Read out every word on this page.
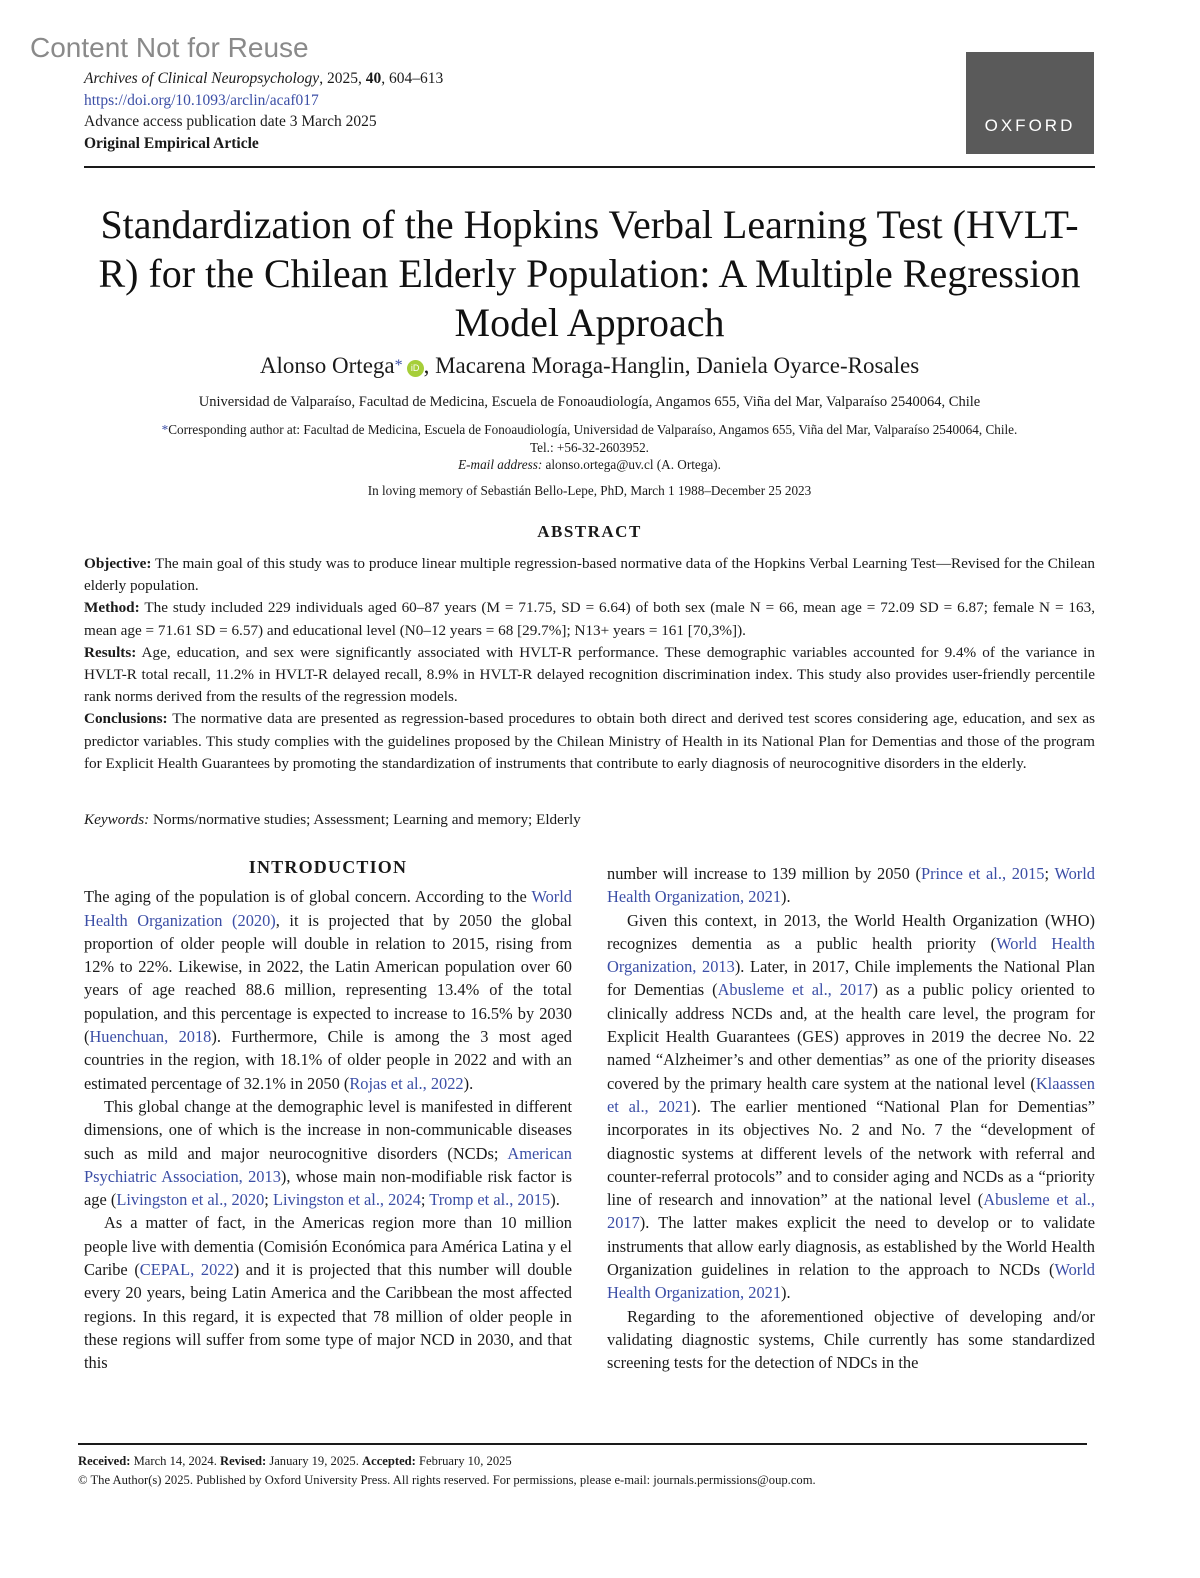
Content Not for Reuse
Archives of Clinical Neuropsychology, 2025, 40, 604–613
https://doi.org/10.1093/arclin/acaf017
Advance access publication date 3 March 2025
Original Empirical Article
OXFORD
Standardization of the Hopkins Verbal Learning Test (HVLT-R) for the Chilean Elderly Population: A Multiple Regression Model Approach
Alonso Ortega* iD , Macarena Moraga-Hanglin, Daniela Oyarce-Rosales
Universidad de Valparaíso, Facultad de Medicina, Escuela de Fonoaudiología, Angamos 655, Viña del Mar, Valparaíso 2540064, Chile
*Corresponding author at: Facultad de Medicina, Escuela de Fonoaudiología, Universidad de Valparaíso, Angamos 655, Viña del Mar, Valparaíso 2540064, Chile.
Tel.: +56-32-2603952.
E-mail address: alonso.ortega@uv.cl (A. Ortega).
In loving memory of Sebastián Bello-Lepe, PhD, March 1 1988–December 25 2023
ABSTRACT

Objective: The main goal of this study was to produce linear multiple regression-based normative data of the Hopkins Verbal Learning Test—Revised for the Chilean elderly population.

Method: The study included 229 individuals aged 60–87 years (M = 71.75, SD = 6.64) of both sex (male N = 66, mean age = 72.09 SD = 6.87; female N = 163, mean age = 71.61 SD = 6.57) and educational level (N0–12 years = 68 [29.7%]; N13+ years = 161 [70,3%]).

Results: Age, education, and sex were significantly associated with HVLT-R performance. These demographic variables accounted for 9.4% of the variance in HVLT-R total recall, 11.2% in HVLT-R delayed recall, 8.9% in HVLT-R delayed recognition discrimination index. This study also provides user-friendly percentile rank norms derived from the results of the regression models.

Conclusions: The normative data are presented as regression-based procedures to obtain both direct and derived test scores considering age, education, and sex as predictor variables. This study complies with the guidelines proposed by the Chilean Ministry of Health in its National Plan for Dementias and those of the program for Explicit Health Guarantees by promoting the standardization of instruments that contribute to early diagnosis of neurocognitive disorders in the elderly.

Keywords: Norms/normative studies; Assessment; Learning and memory; Elderly
INTRODUCTION

The aging of the population is of global concern. According to the World Health Organization (2020), it is projected that by 2050 the global proportion of older people will double in relation to 2015, rising from 12% to 22%. Likewise, in 2022, the Latin American population over 60 years of age reached 88.6 million, representing 13.4% of the total population, and this percentage is expected to increase to 16.5% by 2030 (Huenchuan, 2018). Furthermore, Chile is among the 3 most aged countries in the region, with 18.1% of older people in 2022 and with an estimated percentage of 32.1% in 2050 (Rojas et al., 2022).

This global change at the demographic level is manifested in different dimensions, one of which is the increase in non-communicable diseases such as mild and major neurocognitive disorders (NCDs; American Psychiatric Association, 2013), whose main non-modifiable risk factor is age (Livingston et al., 2020; Livingston et al., 2024; Tromp et al., 2015).

As a matter of fact, in the Americas region more than 10 million people live with dementia (Comisión Económica para América Latina y el Caribe (CEPAL, 2022) and it is projected that this number will double every 20 years, being Latin America and the Caribbean the most affected regions. In this regard, it is expected that 78 million of older people in these regions will suffer from some type of major NCD in 2030, and that this

number will increase to 139 million by 2050 (Prince et al., 2015; World Health Organization, 2021).

Given this context, in 2013, the World Health Organization (WHO) recognizes dementia as a public health priority (World Health Organization, 2013). Later, in 2017, Chile implements the National Plan for Dementias (Abusleme et al., 2017) as a public policy oriented to clinically address NCDs and, at the health care level, the program for Explicit Health Guarantees (GES) approves in 2019 the decree No. 22 named “Alzheimer’s and other dementias” as one of the priority diseases covered by the primary health care system at the national level (Klaassen et al., 2021). The earlier mentioned “National Plan for Dementias” incorporates in its objectives No. 2 and No. 7 the “development of diagnostic systems at different levels of the network with referral and counter-referral protocols” and to consider aging and NCDs as a “priority line of research and innovation” at the national level (Abusleme et al., 2017). The latter makes explicit the need to develop or to validate instruments that allow early diagnosis, as established by the World Health Organization guidelines in relation to the approach to NCDs (World Health Organization, 2021).

Regarding to the aforementioned objective of developing and/or validating diagnostic systems, Chile currently has some standardized screening tests for the detection of NDCs in the

Received: March 14, 2024. Revised: January 19, 2025. Accepted: February 10, 2025
© The Author(s) 2025. Published by Oxford University Press. All rights reserved. For permissions, please e-mail: journals.permissions@oup.com.
